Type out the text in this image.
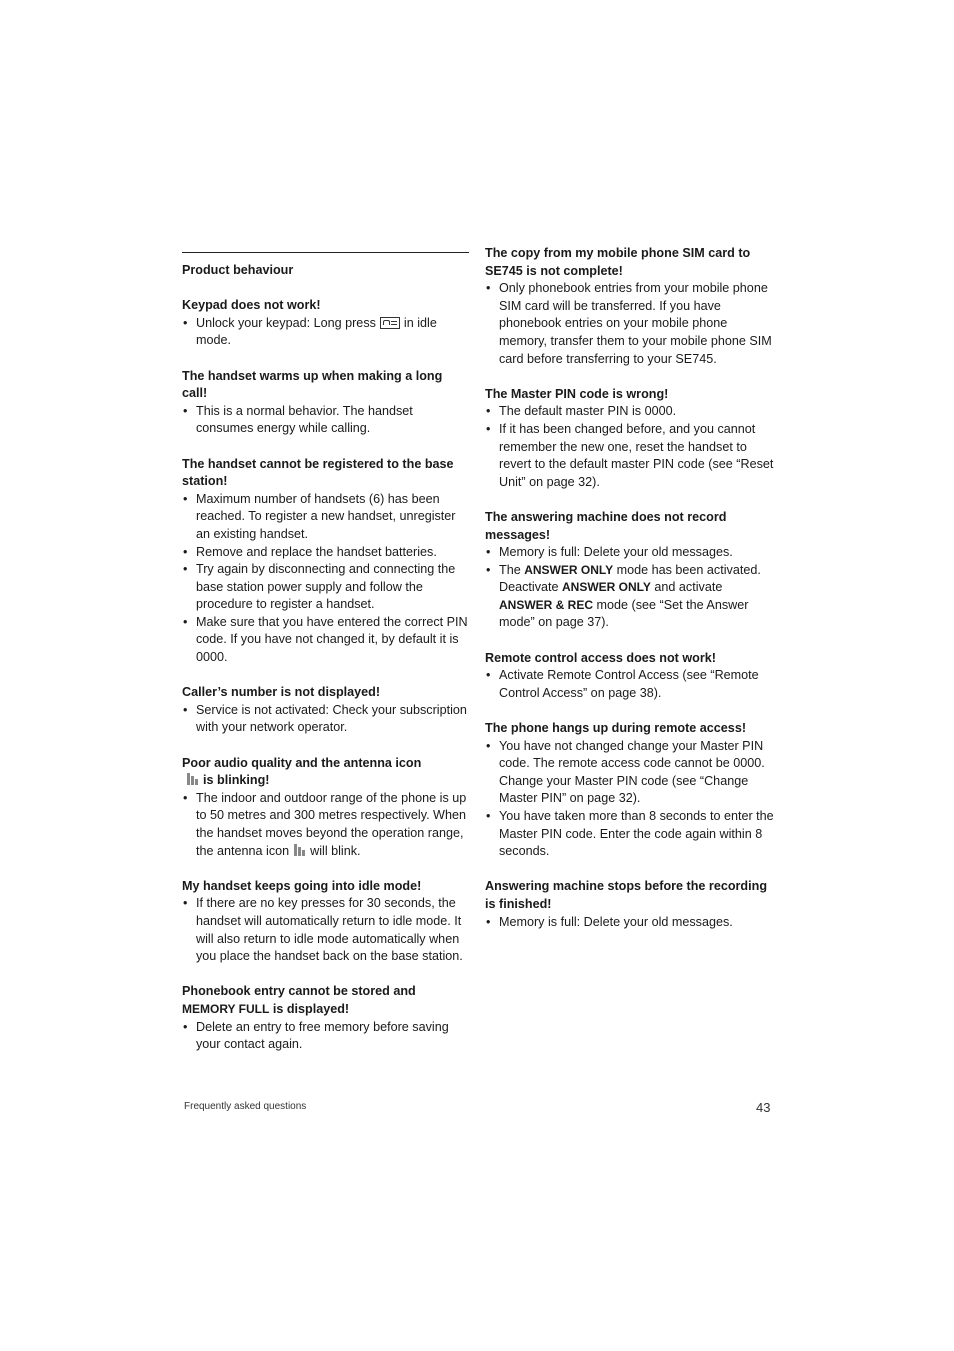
Product behaviour
Keypad does not work!
• Unlock your keypad: Long press in idle mode.
The handset warms up when making a long call!
• This is a normal behavior. The handset consumes energy while calling.
The handset cannot be registered to the base station!
• Maximum number of handsets (6) has been reached. To register a new handset, unregister an existing handset.
• Remove and replace the handset batteries.
• Try again by disconnecting and connecting the base station power supply and follow the procedure to register a handset.
• Make sure that you have entered the correct PIN code. If you have not changed it, by default it is 0000.
Caller’s number is not displayed!
• Service is not activated: Check your subscription with your network operator.
Poor audio quality and the antenna icon

is blinking!
• The indoor and outdoor range of the phone is up to 50 metres and 300 metres respectively. When the handset moves beyond the operation range, the antenna icon will blink.
My handset keeps going into idle mode!
• If there are no key presses for 30 seconds, the handset will automatically return to idle mode. It will also return to idle mode automatically when you place the handset back on the base station.
Phonebook entry cannot be stored and
MEMORY FULL is displayed!
• Delete an entry to free memory before saving your contact again.
The copy from my mobile phone SIM card to SE745 is not complete!
• Only phonebook entries from your mobile phone SIM card will be transferred. If you have phonebook entries on your mobile phone memory, transfer them to your mobile phone SIM card before transferring to your SE745.
The Master PIN code is wrong!
• The default master PIN is 0000.
• If it has been changed before, and you cannot remember the new one, reset the handset to revert to the default master PIN code (see “Reset Unit” on page 32).
The answering machine does not record messages!
• Memory is full: Delete your old messages.
• The ANSWER ONLY mode has been activated. Deactivate ANSWER ONLY and activate ANSWER & REC mode (see “Set the Answer mode” on page 37).
Remote control access does not work!
• Activate Remote Control Access (see “Remote Control Access” on page 38).
The phone hangs up during remote access!
• You have not changed change your Master PIN code. The remote access code cannot be 0000. Change your Master PIN code (see “Change Master PIN” on page 32).
• You have taken more than 8 seconds to enter the Master PIN code. Enter the code again within 8 seconds.
Answering machine stops before the recording is finished!
• Memory is full: Delete your old messages.
Frequently asked questions	43
